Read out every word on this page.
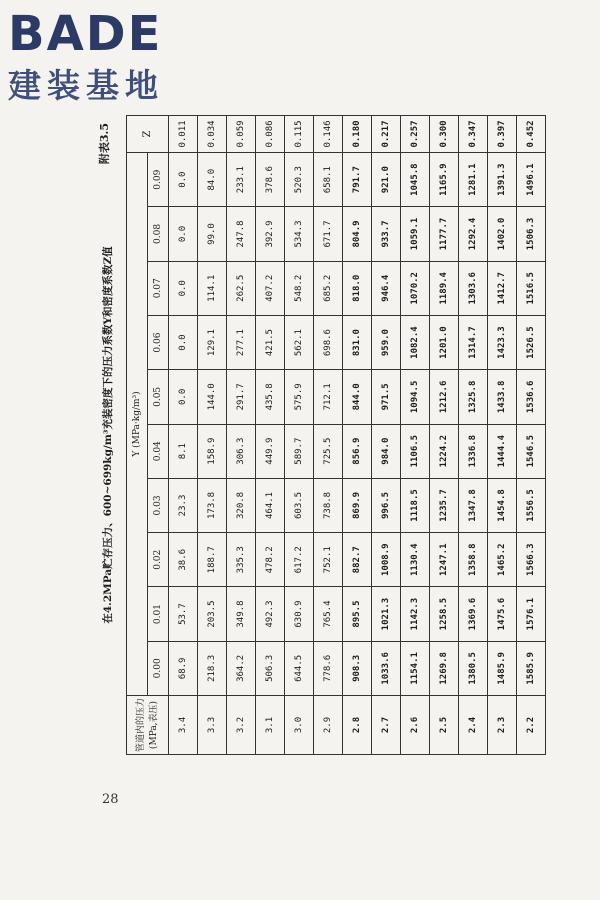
BADE
建装基地
28
在4.2MPa贮存压力、600~699kg/m³充装密度下的压力系数Y和密度系数Z值
附表3.5
管道内的压力 (MPa,表压)	Y (MPa·kg/m³)										Z
	0.00	0.01	0.02	0.03	0.04	0.05	0.06	0.07	0.08	0.09	
3.4	68.9	53.7	38.6	23.3	8.1	0.0	0.0	0.0	0.0	0.0	0.011
3.3	218.3	203.5	188.7	173.8	158.9	144.0	129.1	114.1	99.0	84.0	0.034
3.2	364.2	349.8	335.3	320.8	306.3	291.7	277.1	262.5	247.8	233.1	0.059
3.1	506.3	492.3	478.2	464.1	449.9	435.8	421.5	407.2	392.9	378.6	0.086
3.0	644.5	630.9	617.2	603.5	589.7	575.9	562.1	548.2	534.3	520.3	0.115
2.9	778.6	765.4	752.1	738.8	725.5	712.1	698.6	685.2	671.7	658.1	0.146
2.8	908.3	895.5	882.7	869.9	856.9	844.0	831.0	818.0	804.9	791.7	0.180
2.7	1033.6	1021.3	1008.9	996.5	984.0	971.5	959.0	946.4	933.7	921.0	0.217
2.6	1154.1	1142.3	1130.4	1118.5	1106.5	1094.5	1082.4	1070.2	1059.1	1045.8	0.257
2.5	1269.8	1258.5	1247.1	1235.7	1224.2	1212.6	1201.0	1189.4	1177.7	1165.9	0.300
2.4	1380.5	1369.6	1358.8	1347.8	1336.8	1325.8	1314.7	1303.6	1292.4	1281.1	0.347
2.3	1485.9	1475.6	1465.2	1454.8	1444.4	1433.8	1423.3	1412.7	1402.0	1391.3	0.397
2.2	1585.9	1576.1	1566.3	1556.5	1546.5	1536.6	1526.5	1516.5	1506.3	1496.1	0.452
